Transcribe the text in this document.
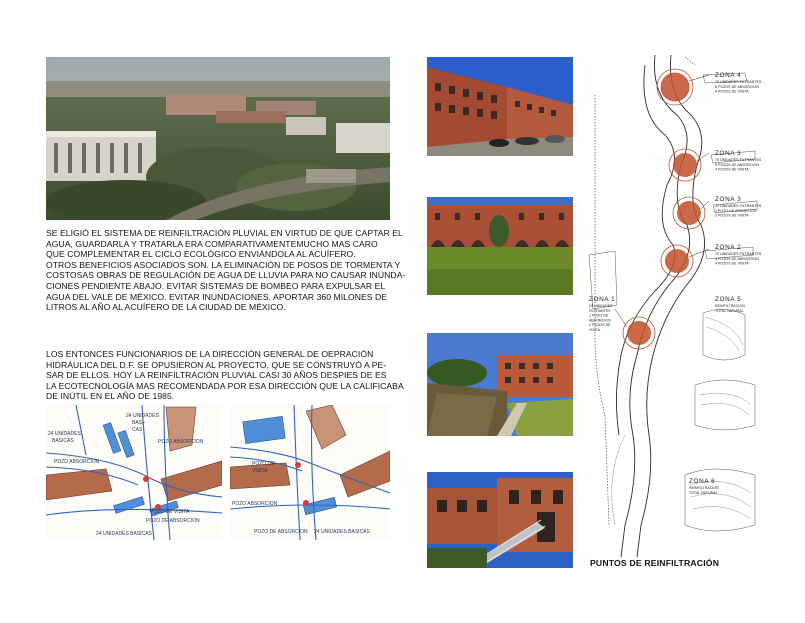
SE ELIGIÓ EL SISTEMA DE REINFILTRACIÓN PLUVIAL EN VIRTUD DE QUE CAPTAR EL

AGUA, GUARDARLA Y TRATARLA ERA COMPARATIVAMENTEMUCHO MAS CARO

QUE COMPLEMENTAR EL CICLO ECOLÓGICO ENVIÁNDOLA AL ACUÍFERO.

OTROS BENEFICIOS ASOCIADOS SON. LA ELIMINACIÓN DE POSOS DE TORMENTA Y

COSTOSAS OBRAS DE REGULACIÓN DE AGUA DE LLUVIA PARA NO CAUSAR INUNDA-

CIONES PENDIENTE ABAJO. EVITAR SISTEMAS DE BOMBEO PARA EXPULSAR EL

AGUA DEL VALE DE MÉXICO. EVITAR INUNDACIONES. APORTAR 360 MILONES DE

LITROS AL AÑO AL ACUÍFERO DE LA CIUDAD DE MÉXICO.

LOS ENTONCES FUNCIONARIOS DE LA DIRECCIÓN GENERAL DE OEPRACIÓN

HIDRÁULICA DEL D.F. SE OPUSIERON AL PROYECTO, QUE SE CONSTRUYÓ A PE-

SAR DE ELLOS. HOY LA REINFILTRACIÓN PLUVIAL CASI 30 AÑOS DESPIES DE ES

LA ECOTECNOLOGÍA MAS RECOMENDADA POR ESA DIRECCIÓN QUE LA CALIFICABA

DE INÚTIL EN EL AÑO DE 1985.

24 UNIDADES
BASICAS
24 UNIDADES
BASI-
CAS
POZO ABSORCION
POZO ABSORCION
POZO DE VISITA
POZO DE ABSORCION
24 UNIDADES BASICAS
POZO DE
VISITA
POZO ABSORCION
POZO DE ABSORCION 24 UNIDADES BASICAS
ZONA 4
70 UNIDADES FILTRANTES
5 POZOS DE ABSORCION
4 POZOS DE VISITA
ZONA 3
70 UNIDADES FILTRANTES
5 POZOS DE ABSORCION
4 POZOS DE VISITA
ZONA 3
24 UNIDADES FILTRANTES
1 POZO DE ABSORCION
2 POZOS DE VISITA
ZONA 2
70 UNIDADES FILTRANTES
4 POZOS DE ABSORCION
4 POZOS DE VISITA
ZONA 1
24 UNIDADES
FILTRANTES
1 POZO DE
ABSORCION
2 POZOS DE
VISITA
ZONA 5
REINFILTRACION
TOTAL NATURAL
ZONA 6
REINFILTRACION
TOTAL NATURAL
PUNTOS DE REINFILTRACIÓN
